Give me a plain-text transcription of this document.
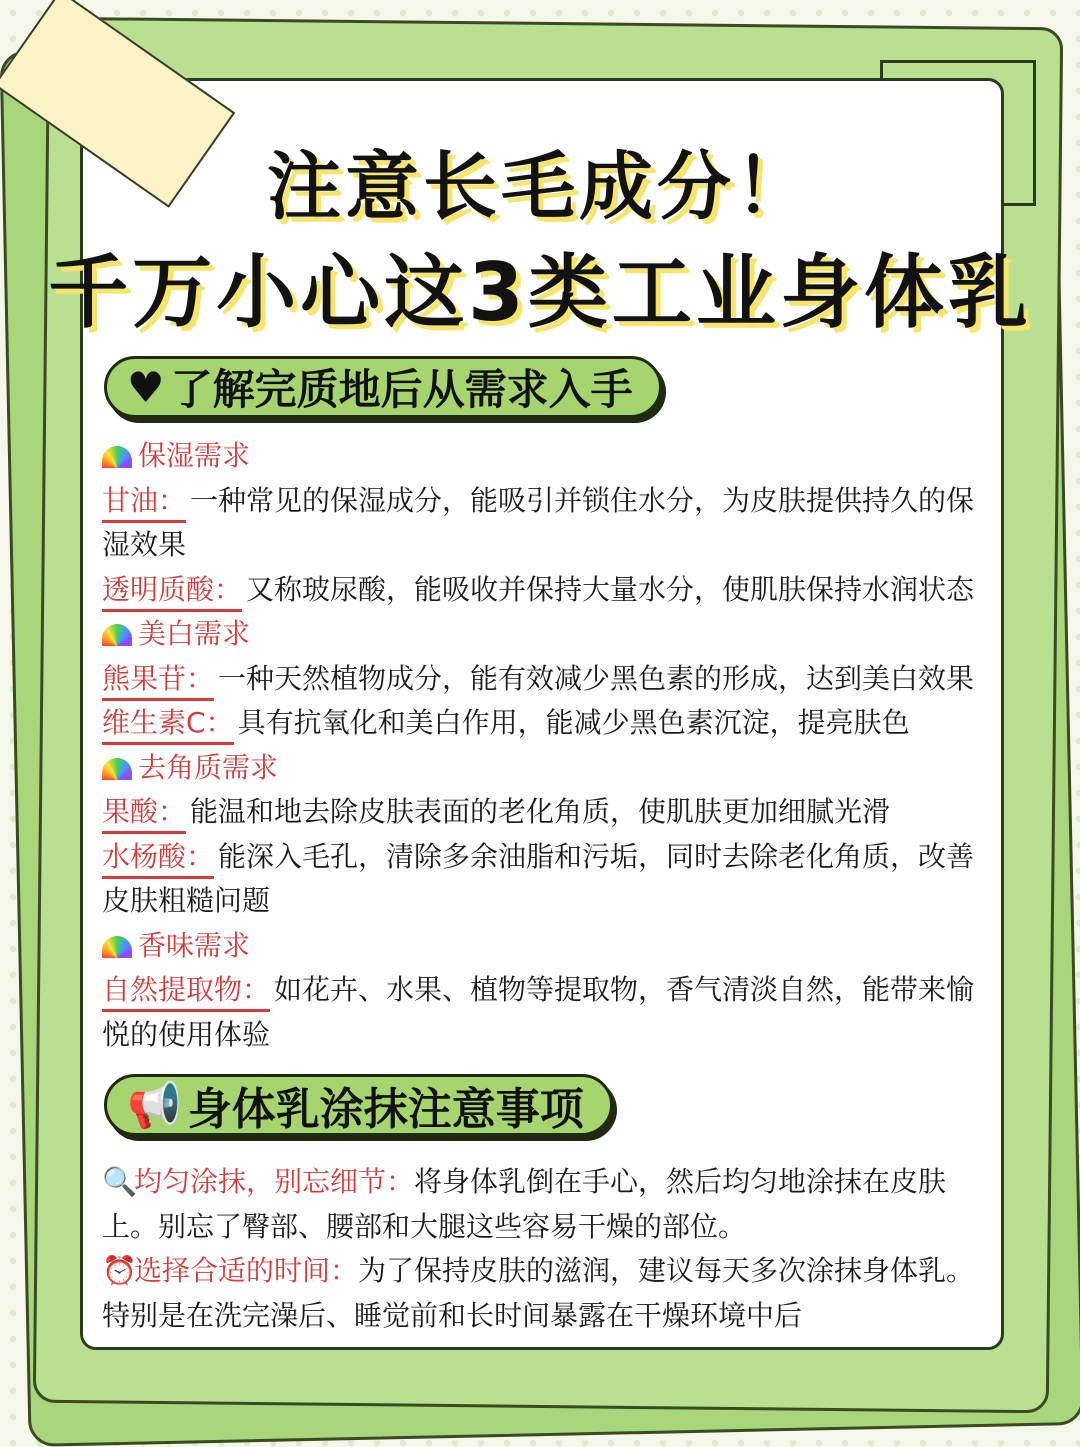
注意长毛成分！
千万小心这3类工业身体乳
♥ 了解完质地后从需求入手

保湿需求

甘油： 一种常见的保湿成分，能吸引并锁住水分，为皮肤提供持久的保湿效果

透明质酸： 又称玻尿酸，能吸收并保持大量水分，使肌肤保持水润状态

美白需求

熊果苷： 一种天然植物成分，能有效减少黑色素的形成，达到美白效果

维生素C： 具有抗氧化和美白作用，能减少黑色素沉淀，提亮肤色

去角质需求

果酸： 能温和地去除皮肤表面的老化角质，使肌肤更加细腻光滑

水杨酸： 能深入毛孔，清除多余油脂和污垢，同时去除老化角质，改善皮肤粗糙问题

香味需求

自然提取物： 如花卉、水果、植物等提取物，香气清淡自然，能带来愉悦的使用体验

📢 身体乳涂抹注意事项

🔍均匀涂抹，别忘细节：将身体乳倒在手心，然后均匀地涂抹在皮肤上。别忘了臀部、腰部和大腿这些容易干燥的部位。

⏰选择合适的时间：为了保持皮肤的滋润，建议每天多次涂抹身体乳。特别是在洗完澡后、睡觉前和长时间暴露在干燥环境中后
